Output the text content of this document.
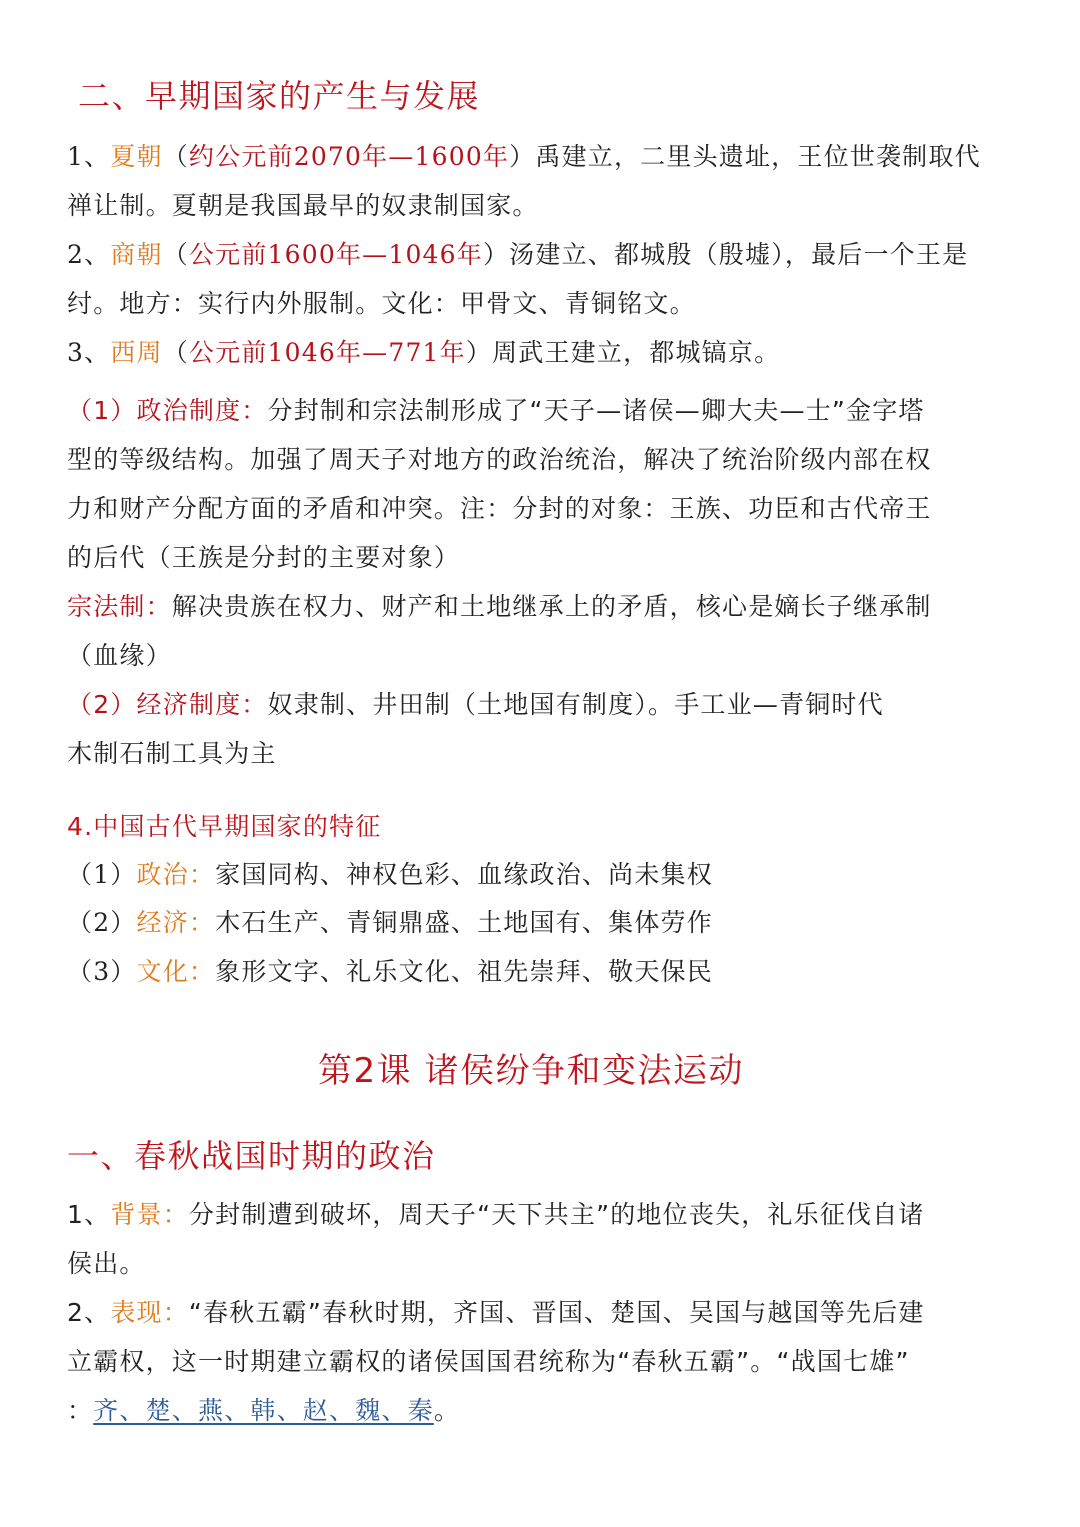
二、早期国家的产生与发展
1、夏朝（约公元前2070年—1600年）禹建立，二里头遗址，王位世袭制取代
禅让制。夏朝是我国最早的奴隶制国家。
2、商朝（公元前1600年—1046年）汤建立、都城殷（殷墟），最后一个王是
纣。地方：实行内外服制。文化：甲骨文、青铜铭文。
3、西周（公元前1046年—771年）周武王建立，都城镐京。
（1）政治制度：分封制和宗法制形成了“天子—诸侯—卿大夫—士”金字塔
型的等级结构。加强了周天子对地方的政治统治，解决了统治阶级内部在权
力和财产分配方面的矛盾和冲突。注：分封的对象：王族、功臣和古代帝王
的后代（王族是分封的主要对象）
宗法制：解决贵族在权力、财产和土地继承上的矛盾，核心是嫡长子继承制
（血缘）
（2）经济制度：奴隶制、井田制（土地国有制度）。手工业—青铜时代
木制石制工具为主
4.中国古代早期国家的特征
（1）政治：家国同构、神权色彩、血缘政治、尚未集权
（2）经济：木石生产、青铜鼎盛、土地国有、集体劳作
（3）文化：象形文字、礼乐文化、祖先崇拜、敬天保民
第2课 诸侯纷争和变法运动
一、春秋战国时期的政治
1、背景：分封制遭到破坏，周天子“天下共主”的地位丧失，礼乐征伐自诸
侯出。
2、表现：“春秋五霸”春秋时期，齐国、晋国、楚国、吴国与越国等先后建
立霸权，这一时期建立霸权的诸侯国国君统称为“春秋五霸”。“战国七雄”
：齐、楚、燕、韩、赵、魏、秦。
